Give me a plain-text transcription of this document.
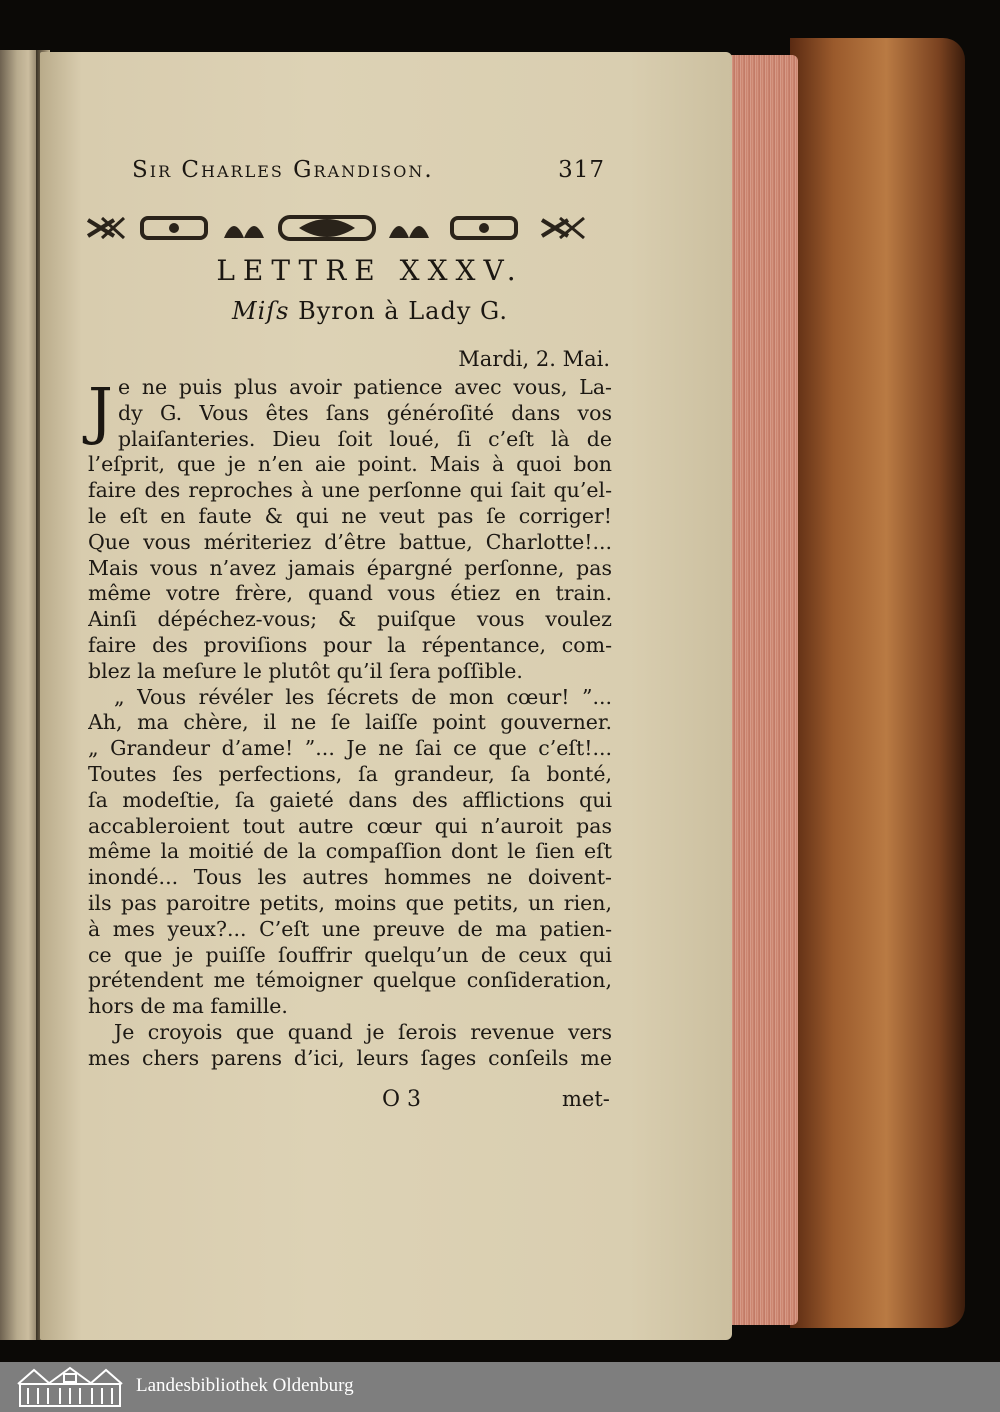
Sir Charles Grandison.	317
LETTRE XXXV.
Miſs Byron à Lady G.
Mardi, 2. Mai.
J e ne puis plus avoir patience avec vous, La-
dy G. Vous êtes ſans généroſité dans vos
plaiſanteries. Dieu ſoit loué, ſi c’eſt là de
l’eſprit, que je n’en aie point. Mais à quoi bon
faire des reproches à une perſonne qui ſait qu’el-
le eſt en faute & qui ne veut pas ſe corriger!
Que vous mériteriez d’être battue, Charlotte!...
Mais vous n’avez jamais épargné perſonne, pas
même votre frère, quand vous étiez en train.
Ainſi dépéchez-vous; & puiſque vous voulez
faire des proviſions pour la répentance, com-
blez la meſure le plutôt qu’il ſera poſſible.
„ Vous révéler les ſécrets de mon cœur! ”...
Ah, ma chère, il ne ſe laiſſe point gouverner.
„ Grandeur d’ame! ”... Je ne ſai ce que c’eſt!...
Toutes ſes perfections, ſa grandeur, ſa bonté,
ſa modeſtie, ſa gaieté dans des afflictions qui
accableroient tout autre cœur qui n’auroit pas
même la moitié de la compaſſion dont le ſien eſt
inondé... Tous les autres hommes ne doivent-
ils pas paroitre petits, moins que petits, un rien,
à mes yeux?... C’eſt une preuve de ma patien-
ce que je puiſſe ſouffrir quelqu’un de ceux qui
prétendent me témoigner quelque conſideration,
hors de ma famille.
Je croyois que quand je ſerois revenue vers
mes chers parens d’ici, leurs ſages conſeils me
O 3	met-
Landesbibliothek Oldenburg
